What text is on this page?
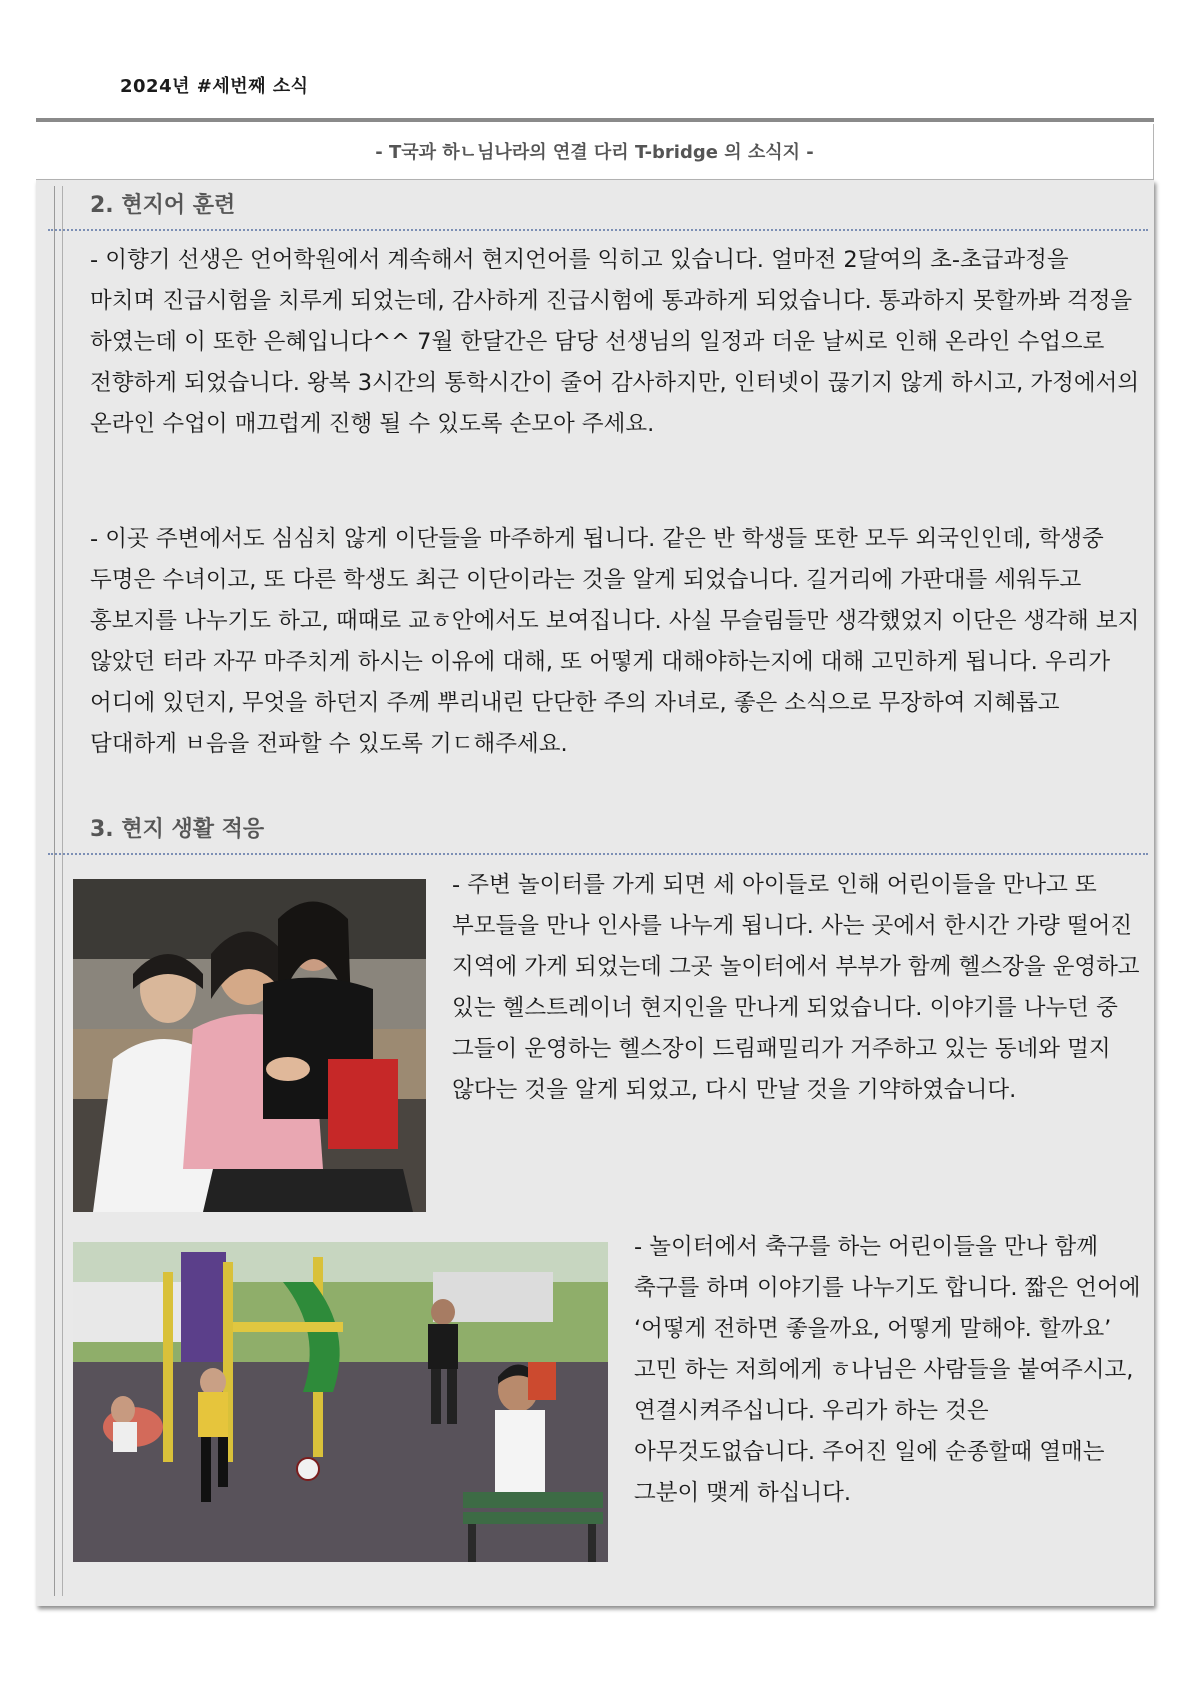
2024년 #세번째 소식
- T국과 하ㄴ님나라의 연결 다리 T-bridge 의 소식지 -
2. 현지어 훈련

- 이향기 선생은 언어학원에서 계속해서 현지언어를 익히고 있습니다. 얼마전 2달여의 초-초급과정을 마치며 진급시험을 치루게 되었는데, 감사하게 진급시험에 통과하게 되었습니다. 통과하지 못할까봐 걱정을 하였는데 이 또한 은혜입니다^^ 7월 한달간은 담당 선생님의 일정과 더운 날씨로 인해 온라인 수업으로 전향하게 되었습니다. 왕복 3시간의 통학시간이 줄어 감사하지만, 인터넷이 끊기지 않게 하시고, 가정에서의 온라인 수업이 매끄럽게 진행 될 수 있도록 손모아 주세요.

- 이곳 주변에서도 심심치 않게 이단들을 마주하게 됩니다. 같은 반 학생들 또한 모두 외국인인데, 학생중 두명은 수녀이고, 또 다른 학생도 최근 이단이라는 것을 알게 되었습니다. 길거리에 가판대를 세워두고 홍보지를 나누기도 하고, 때때로 교ㅎ안에서도 보여집니다. 사실 무슬림들만 생각했었지 이단은 생각해 보지 않았던 터라 자꾸 마주치게 하시는 이유에 대해, 또 어떻게 대해야하는지에 대해 고민하게 됩니다. 우리가 어디에 있던지, 무엇을 하던지 주께 뿌리내린 단단한 주의 자녀로, 좋은 소식으로 무장하여 지혜롭고 담대하게 ㅂ음을 전파할 수 있도록 기ㄷ해주세요.

3. 현지 생활 적응

- 주변 놀이터를 가게 되면 세 아이들로 인해 어린이들을 만나고 또 부모들을 만나 인사를 나누게 됩니다. 사는 곳에서 한시간 가량 떨어진 지역에 가게 되었는데 그곳 놀이터에서 부부가 함께 헬스장을 운영하고 있는 헬스트레이너 현지인을 만나게 되었습니다. 이야기를 나누던 중 그들이 운영하는 헬스장이 드림패밀리가 거주하고 있는 동네와 멀지 않다는 것을 알게 되었고, 다시 만날 것을 기약하였습니다.

- 놀이터에서 축구를 하는 어린이들을 만나 함께 축구를 하며 이야기를 나누기도 합니다. 짧은 언어에 ‘어떻게 전하면 좋을까요, 어떻게 말해야. 할까요’ 고민 하는 저희에게 ㅎ나님은 사람들을 붙여주시고, 연결시켜주십니다. 우리가 하는 것은 아무것도없습니다. 주어진 일에 순종할때 열매는 그분이 맺게 하십니다.
